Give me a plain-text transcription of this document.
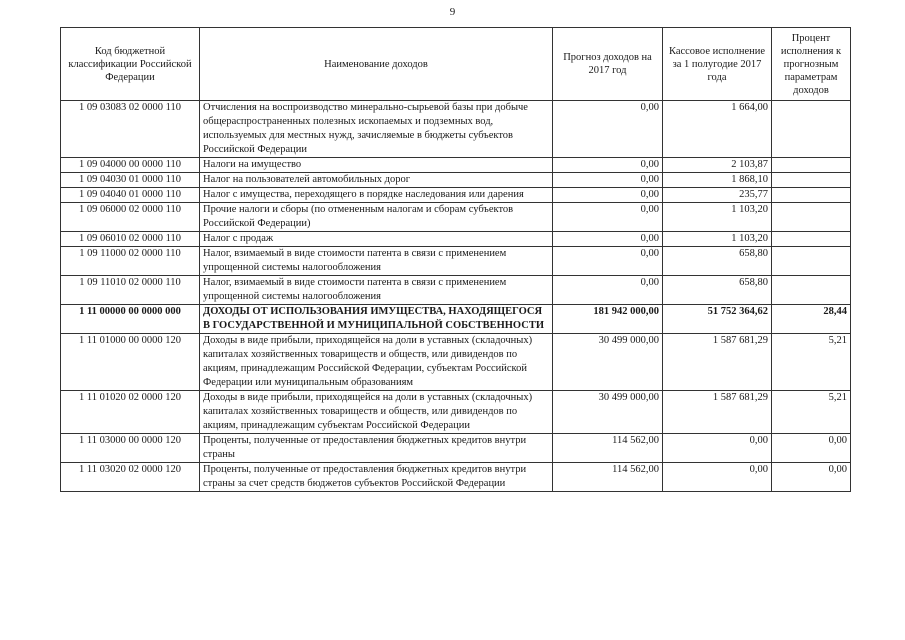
9
Код бюджетной классификации Российской Федерации	Наименование доходов	Прогноз доходов на 2017 год	Кассовое исполнение за 1 полугодие 2017 года	Процент исполнения к прогнозным параметрам доходов
1 09 03083 02 0000 110	Отчисления на воспроизводство минерально-сырьевой базы при добыче общераспространенных полезных ископаемых и подземных вод, используемых для местных нужд, зачисляемые в бюджеты субъектов Российской Федерации	0,00	1 664,00	
1 09 04000 00 0000 110	Налоги на имущество	0,00	2 103,87	
1 09 04030 01 0000 110	Налог на пользователей автомобильных дорог	0,00	1 868,10	
1 09 04040 01 0000 110	Налог с имущества, переходящего в порядке наследования или дарения	0,00	235,77	
1 09 06000 02 0000 110	Прочие налоги и сборы (по отмененным налогам и сборам субъектов Российской Федерации)	0,00	1 103,20	
1 09 06010 02 0000 110	Налог с продаж	0,00	1 103,20	
1 09 11000 02 0000 110	Налог, взимаемый в виде стоимости патента в связи с применением упрощенной системы налогообложения	0,00	658,80	
1 09 11010 02 0000 110	Налог, взимаемый в виде стоимости патента в связи с применением упрощенной системы налогообложения	0,00	658,80	
1 11 00000 00 0000 000	ДОХОДЫ ОТ ИСПОЛЬЗОВАНИЯ ИМУЩЕСТВА, НАХОДЯЩЕГОСЯ В ГОСУДАРСТВЕННОЙ И МУНИЦИПАЛЬНОЙ СОБСТВЕННОСТИ	181 942 000,00	51 752 364,62	28,44
1 11 01000 00 0000 120	Доходы в виде прибыли, приходящейся на доли в уставных (складочных) капиталах хозяйственных товариществ и обществ, или дивидендов по акциям, принадлежащим Российской Федерации, субъектам Российской Федерации или муниципальным образованиям	30 499 000,00	1 587 681,29	5,21
1 11 01020 02 0000 120	Доходы в виде прибыли, приходящейся на доли в уставных (складочных) капиталах хозяйственных товариществ и обществ, или дивидендов по акциям, принадлежащим субъектам Российской Федерации	30 499 000,00	1 587 681,29	5,21
1 11 03000 00 0000 120	Проценты, полученные от предоставления бюджетных кредитов внутри страны	114 562,00	0,00	0,00
1 11 03020 02 0000 120	Проценты, полученные от предоставления бюджетных кредитов внутри страны за счет средств бюджетов субъектов Российской Федерации	114 562,00	0,00	0,00
